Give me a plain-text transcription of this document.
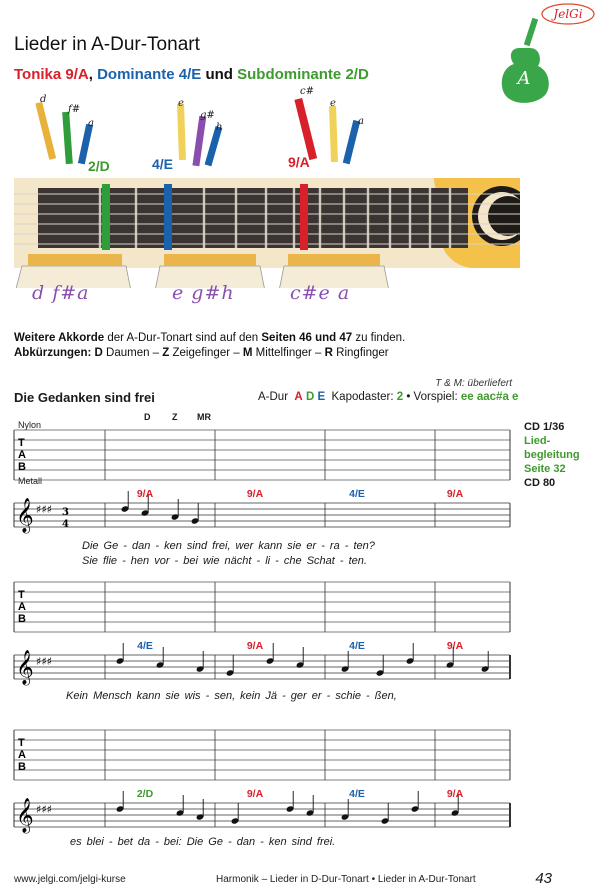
JelGi
A
Lieder in A-Dur-Tonart
Tonika 9/A, Dominante 4/E und Subdominante 2/D
d
f#
a
e
g#
h
c#
e
a
2/D	4/E	9/A
d f#a	e g#h	c#e a
Weitere Akkorde der A-Dur-Tonart sind auf den Seiten 46 und 47 zu finden.
Abkürzungen: D Daumen – Z Zeigefinger – M Mittelfinger – R Ringfinger
T & M: überliefert
Die Gedanken sind frei	A-Dur A D E Kapodaster: 2 • Vorspiel: ee aac#a e
CD 1/36
Lied-
begleitung
Seite 32
CD 80
Nylon
Metall
D Z MR
T
A
B
𝄞 ♯♯♯ 3
4
9/A	9/A	4/E	9/A
T
A
B
𝄞 ♯♯♯
4/E	9/A	4/E	9/A
T
A
B
𝄞 ♯♯♯
2/D	9/A	4/E	9/A
Die Ge - dan - ken sind frei, wer kann sie er - ra - ten?
Sie flie - hen vor - bei wie nächt - li - che Schat - ten.
Kein Mensch kann sie wis - sen, kein Jä - ger er - schie - ßen,
es blei - bet da - bei: Die Ge - dan - ken sind frei.
www.jelgi.com/jelgi-kurse	Harmonik – Lieder in D-Dur-Tonart • Lieder in A-Dur-Tonart	43
